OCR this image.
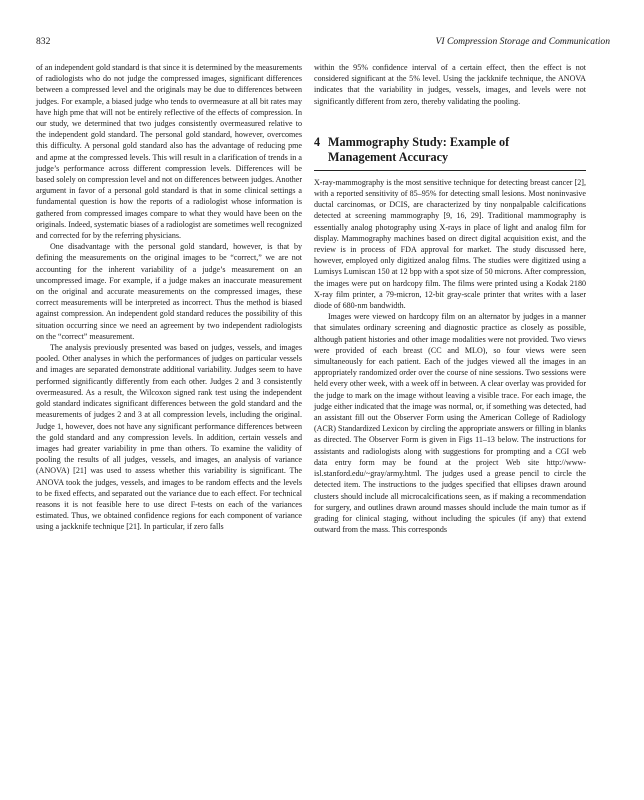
832	VI Compression Storage and Communication

of an independent gold standard is that since it is determined by the measurements of radiologists who do not judge the compressed images, significant differences between a compressed level and the originals may be due to differences between judges. For example, a biased judge who tends to overmeasure at all bit rates may have high pme that will not be entirely reflective of the effects of compression. In our study, we determined that two judges consistently overmeasured relative to the independent gold standard. The personal gold standard, however, overcomes this difficulty. A personal gold standard also has the advantage of reducing pme and apme at the compressed levels. This will result in a clarification of trends in a judge’s performance across different compression levels. Differences will be based solely on compression level and not on differences between judges. Another argument in favor of a personal gold standard is that in some clinical settings a fundamental question is how the reports of a radiologist whose information is gathered from compressed images compare to what they would have been on the originals. Indeed, systematic biases of a radiologist are sometimes well recognized and corrected for by the referring physicians.

One disadvantage with the personal gold standard, however, is that by defining the measurements on the original images to be “correct,” we are not accounting for the inherent variability of a judge’s measurement on an uncompressed image. For example, if a judge makes an inaccurate measurement on the original and accurate measurements on the compressed images, these correct measurements will be interpreted as incorrect. Thus the method is biased against compression. An independent gold standard reduces the possibility of this situation occurring since we need an agreement by two independent radiologists on the “correct” measurement.

The analysis previously presented was based on judges, vessels, and images pooled. Other analyses in which the performances of judges on particular vessels and images are separated demonstrate additional variability. Judges seem to have performed significantly differently from each other. Judges 2 and 3 consistently overmeasured. As a result, the Wilcoxon signed rank test using the independent gold standard indicates significant differences between the gold standard and the measurements of judges 2 and 3 at all compression levels, including the original. Judge 1, however, does not have any significant performance differences between the gold standard and any compression levels. In addition, certain vessels and images had greater variability in pme than others. To examine the validity of pooling the results of all judges, vessels, and images, an analysis of variance (ANOVA) [21] was used to assess whether this variability is significant. The ANOVA took the judges, vessels, and images to be random effects and the levels to be fixed effects, and separated out the variance due to each effect. For technical reasons it is not feasible here to use direct F-tests on each of the variances estimated. Thus, we obtained confidence regions for each component of variance using a jackknife technique [21]. In particular, if zero falls

within the 95% confidence interval of a certain effect, then the effect is not considered significant at the 5% level. Using the jackknife technique, the ANOVA indicates that the variability in judges, vessels, images, and levels were not significantly different from zero, thereby validating the pooling.

4 Mammography Study: Example of
Management Accuracy

X-ray-mammography is the most sensitive technique for detecting breast cancer [2], with a reported sensitivity of 85–95% for detecting small lesions. Most noninvasive ductal carcinomas, or DCIS, are characterized by tiny nonpalpable calcifications detected at screening mammography [9, 16, 29]. Traditional mammography is essentially analog photography using X-rays in place of light and analog film for display. Mammography machines based on direct digital acquisition exist, and the review is in process of FDA approval for market. The study discussed here, however, employed only digitized analog films. The studies were digitized using a Lumisys Lumiscan 150 at 12 bpp with a spot size of 50 microns. After compression, the images were put on hardcopy film. The films were printed using a Kodak 2180 X-ray film printer, a 79-micron, 12-bit gray-scale printer that writes with a laser diode of 680-nm bandwidth.

Images were viewed on hardcopy film on an alternator by judges in a manner that simulates ordinary screening and diagnostic practice as closely as possible, although patient histories and other image modalities were not provided. Two views were provided of each breast (CC and MLO), so four views were seen simultaneously for each patient. Each of the judges viewed all the images in an appropriately randomized order over the course of nine sessions. Two sessions were held every other week, with a week off in between. A clear overlay was provided for the judge to mark on the image without leaving a visible trace. For each image, the judge either indicated that the image was normal, or, if something was detected, had an assistant fill out the Observer Form using the American College of Radiology (ACR) Standardized Lexicon by circling the appropriate answers or filling in blanks as directed. The Observer Form is given in Figs 11–13 below. The instructions for assistants and radiologists along with suggestions for prompting and a CGI web data entry form may be found at the project Web site http://www-isl.stanford.edu/~gray/army.html. The judges used a grease pencil to circle the detected item. The instructions to the judges specified that ellipses drawn around clusters should include all microcalcifications seen, as if making a recommendation for surgery, and outlines drawn around masses should include the main tumor as if grading for clinical staging, without including the spicules (if any) that extend outward from the mass. This corresponds
